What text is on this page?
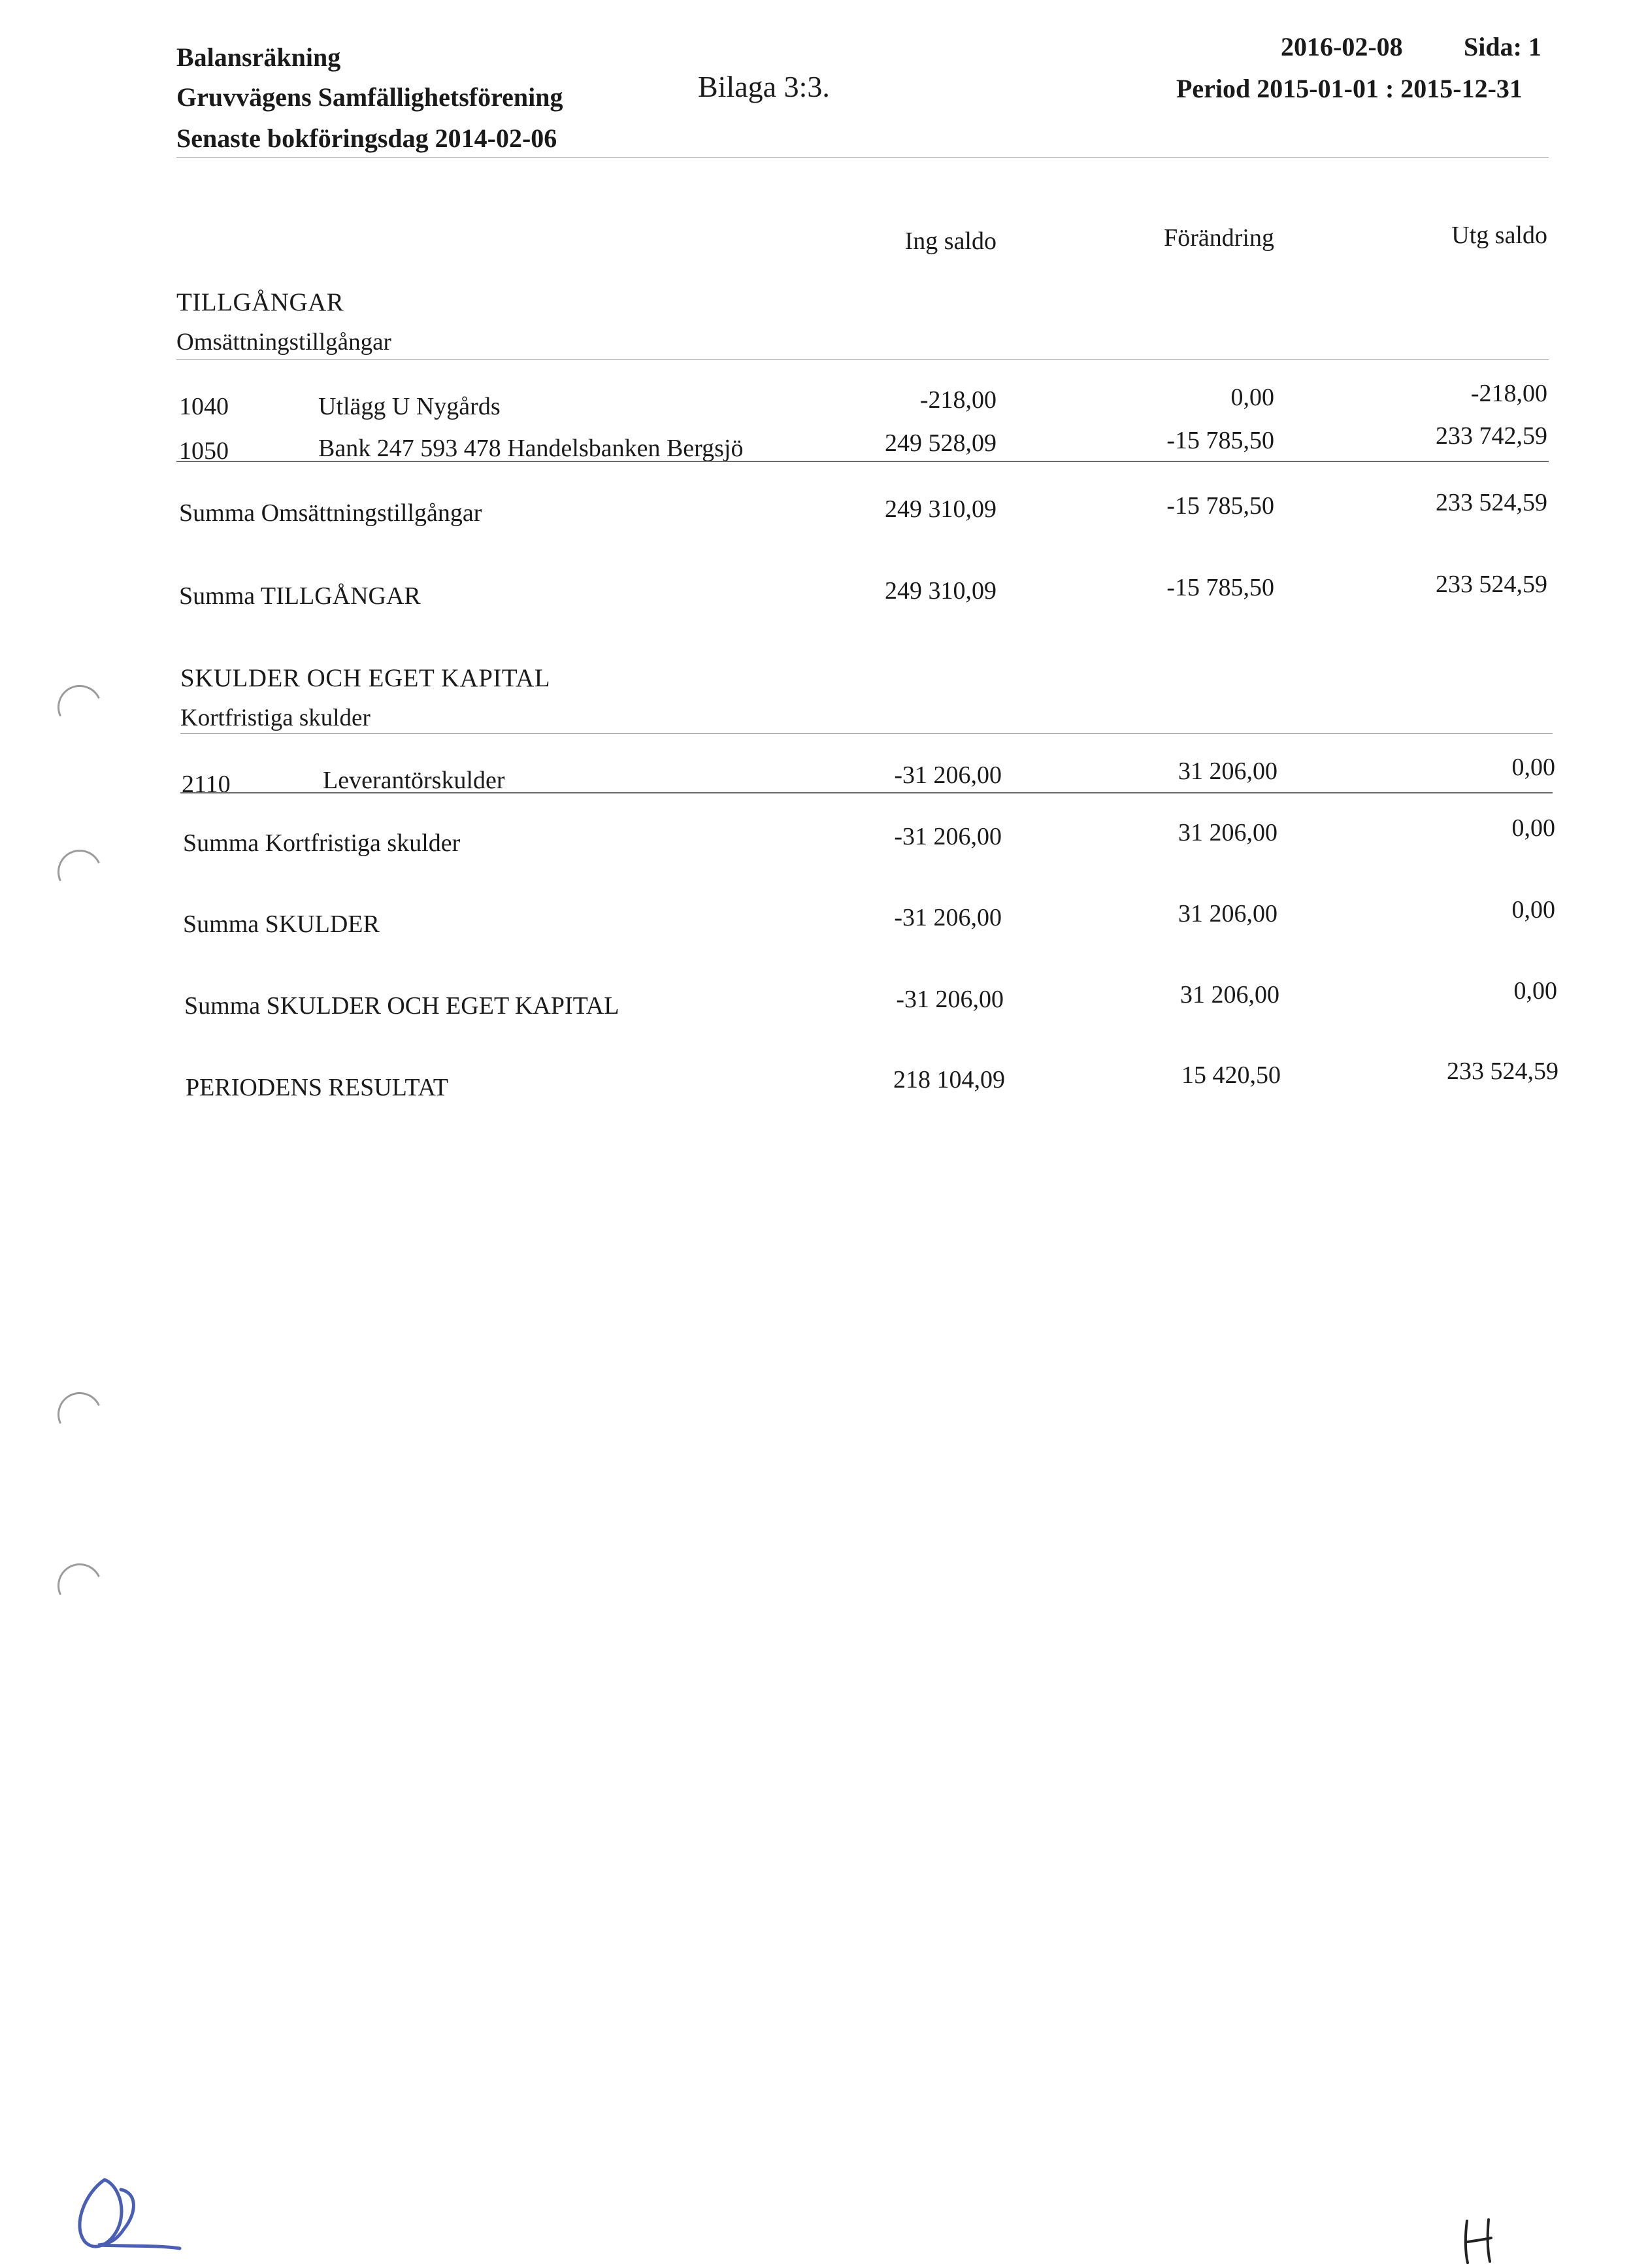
Balansräkning
Gruvvägens Samfällighetsförening
Senaste bokföringsdag 2014-02-06
Bilaga 3:3.
2016-02-08 Sida: 1
Period 2015-01-01 : 2015-12-31
Ing saldo	Förändring	Utg saldo
TILLGÅNGAR
Omsättningstillgångar
1040	Utlägg U Nygårds	-218,00	0,00	-218,00
1050	Bank 247 593 478 Handelsbanken Bergsjö	249 528,09	-15 785,50	233 742,59
Summa Omsättningstillgångar	249 310,09	-15 785,50	233 524,59
Summa TILLGÅNGAR	249 310,09	-15 785,50	233 524,59
SKULDER OCH EGET KAPITAL
Kortfristiga skulder
2110	Leverantörskulder	-31 206,00	31 206,00	0,00
Summa Kortfristiga skulder	-31 206,00	31 206,00	0,00
Summa SKULDER	-31 206,00	31 206,00	0,00
Summa SKULDER OCH EGET KAPITAL	-31 206,00	31 206,00	0,00
PERIODENS RESULTAT	218 104,09	15 420,50	233 524,59
